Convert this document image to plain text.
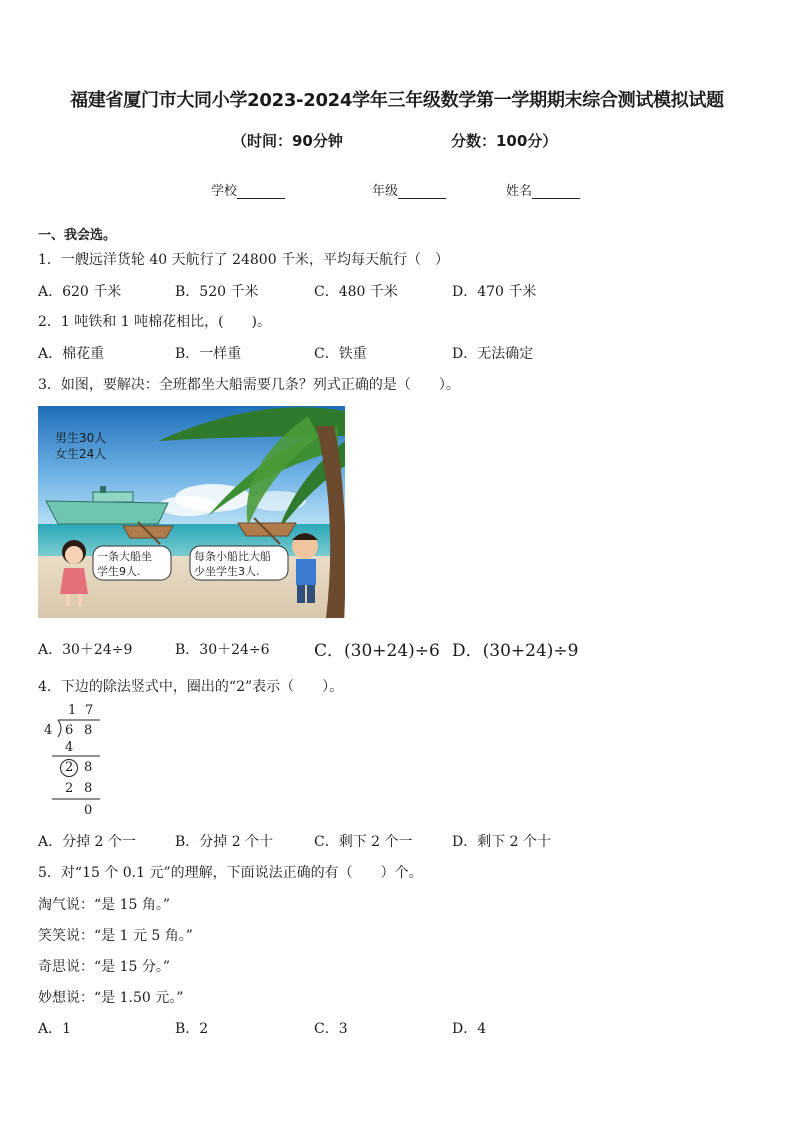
福建省厦门市大同小学2023-2024学年三年级数学第一学期期末综合测试模拟试题
（时间：90分钟	分数：100分）
学校	年级	姓名
一、我会选。
1．一艘远洋货轮 40 天航行了 24800 千米，平均每天航行（　）
A．620 千米	B．520 千米	C．480 千米	D．470 千米
2．1 吨铁和 1 吨棉花相比，(　　)。
A．棉花重	B．一样重	C．铁重	D．无法确定
3．如图，要解决：全班都坐大船需要几条？列式正确的是（　　）。
男生30人
女生24人
一条大船坐
学生9人.
每条小船比大船
少坐学生3人.
A．30＋24÷9	B．30＋24÷6	C．(30+24)÷6 D．(30+24)÷9
4．下边的除法竖式中，圈出的“2”表示（　　）。
1 7
4 6 8
4
2 8
2 8
0
A．分掉 2 个一	B．分掉 2 个十	C．剩下 2 个一	D．剩下 2 个十
5．对“15 个 0.1 元”的理解，下面说法正确的有（　　）个。
淘气说：“是 15 角。”
笑笑说：“是 1 元 5 角。”
奇思说：“是 15 分。”
妙想说：“是 1.50 元。”
A．1	B．2	C．3	D．4
